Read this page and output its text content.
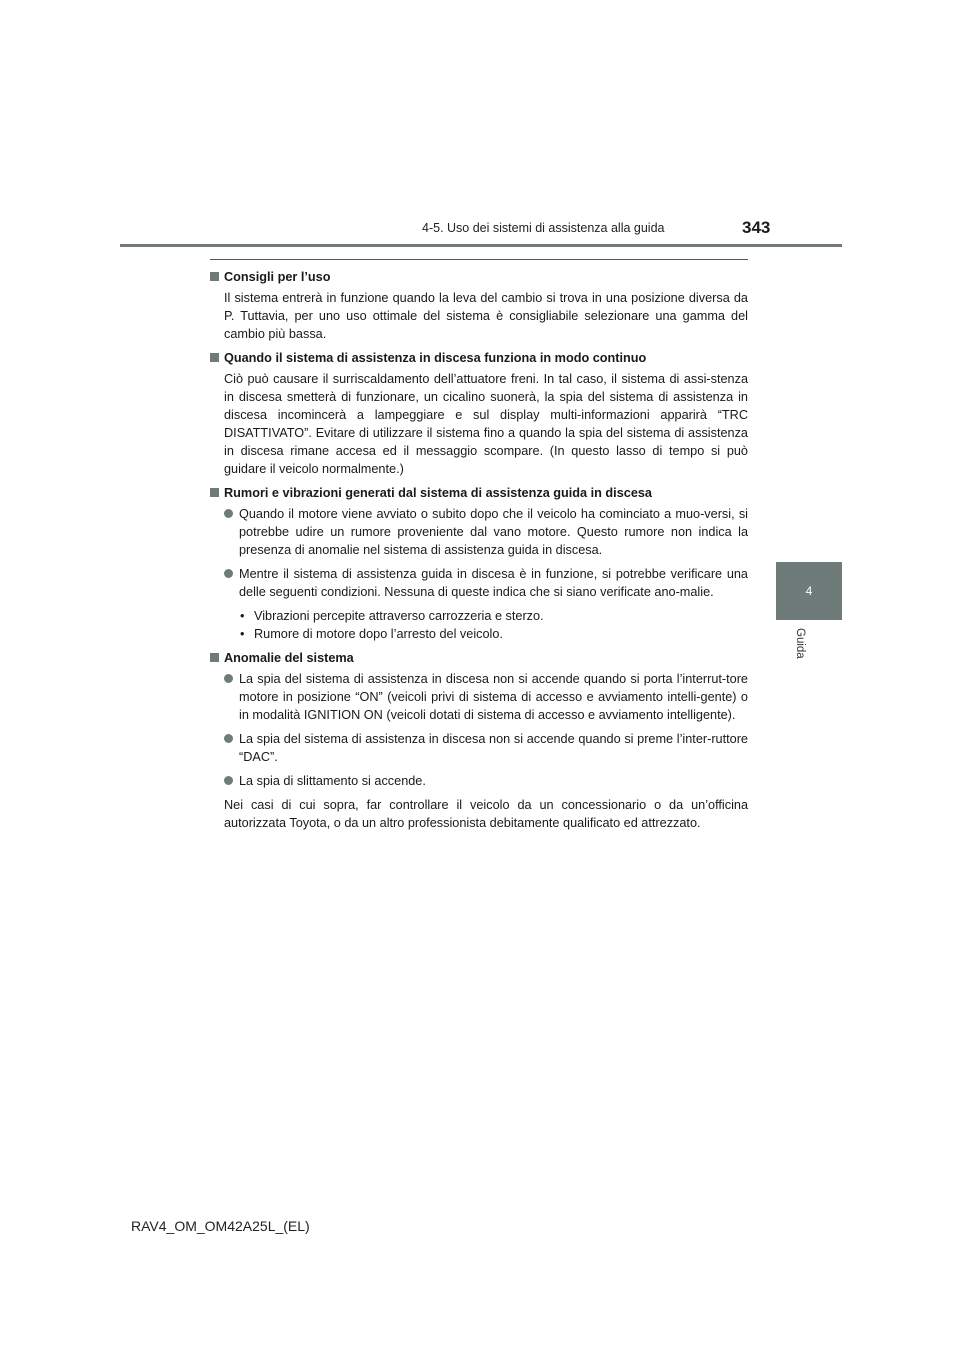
4-5. Uso dei sistemi di assistenza alla guida	343
4
Guida
Consigli per l’uso

Il sistema entrerà in funzione quando la leva del cambio si trova in una posizione diversa da P. Tuttavia, per uno uso ottimale del sistema è consigliabile selezionare una gamma del cambio più bassa.

Quando il sistema di assistenza in discesa funziona in modo continuo

Ciò può causare il surriscaldamento dell’attuatore freni. In tal caso, il sistema di assi-stenza in discesa smetterà di funzionare, un cicalino suonerà, la spia del sistema di assistenza in discesa incomincerà a lampeggiare e sul display multi-informazioni apparirà “TRC DISATTIVATO”. Evitare di utilizzare il sistema fino a quando la spia del sistema di assistenza in discesa rimane accesa ed il messaggio scompare. (In questo lasso di tempo si può guidare il veicolo normalmente.)

Rumori e vibrazioni generati dal sistema di assistenza guida in discesa
Quando il motore viene avviato o subito dopo che il veicolo ha cominciato a muo-versi, si potrebbe udire un rumore proveniente dal vano motore. Questo rumore non indica la presenza di anomalie nel sistema di assistenza guida in discesa.
Mentre il sistema di assistenza guida in discesa è in funzione, si potrebbe verificare una delle seguenti condizioni. Nessuna di queste indica che si siano verificate ano-malie.
• Vibrazioni percepite attraverso carrozzeria e sterzo.
• Rumore di motore dopo l’arresto del veicolo.
Anomalie del sistema
La spia del sistema di assistenza in discesa non si accende quando si porta l’interrut-tore motore in posizione “ON” (veicoli privi di sistema di accesso e avviamento intelli-gente) o in modalità IGNITION ON (veicoli dotati di sistema di accesso e avviamento intelligente).
La spia del sistema di assistenza in discesa non si accende quando si preme l’inter-ruttore “DAC”.
La spia di slittamento si accende.

Nei casi di cui sopra, far controllare il veicolo da un concessionario o da un’officina autorizzata Toyota, o da un altro professionista debitamente qualificato ed attrezzato.

RAV4_OM_OM42A25L_(EL)
